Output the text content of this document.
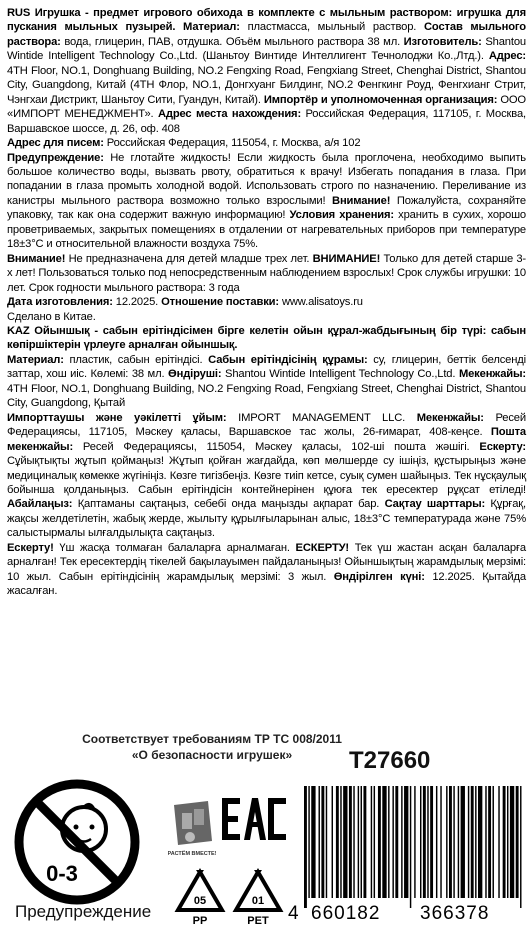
RUS Игрушка - предмет игрового обихода в комплекте с мыльным раствором: игрушка для пускания мыльных пузырей. Материал: пластмасса, мыльный раствор. Состав мыльного раствора: вода, глицерин, ПАВ, отдушка. Объём мыльного раствора 38 мл. Изготовитель: Shantou Wintide Intelligent Technology Co.,Ltd. (Шаньтоу Винтиде Интеллигент Течнолоджи Ко.,Лтд.). Адрес: 4TH Floor, NO.1, Donghuang Building, NO.2 Fengxing Road, Fengxiang Street, Chenghai District, Shantou City, Guangdong, Китай (4TH Флор, NO.1, Донгхуанг Билдинг, NO.2 Фенгкинг Роуд, Фенгхианг Стрит, Чэнгхаи Дистрикт, Шаньтоу Сити, Гуандун, Китай). Импортёр и уполномоченная организация: ООО «ИМПОРТ МЕНЕДЖМЕНТ». Адрес места нахождения: Российская Федерация, 117105, г. Москва, Варшавское шоссе, д. 26, оф. 408

Адрес для писем: Российская Федерация, 115054, г. Москва, а/я 102

Предупреждение: Не глотайте жидкость! Если жидкость была проглочена, необходимо выпить большое количество воды, вызвать рвоту, обратиться к врачу! Избегать попадания в глаза. При попадании в глаза промыть холодной водой. Использовать строго по назначению. Переливание из канистры мыльного раствора возможно только взрослыми! Внимание! Пожалуйста, сохраняйте упаковку, так как она содержит важную информацию! Условия хранения: хранить в сухих, хорошо проветриваемых, закрытых помещениях в отдалении от нагревательных приборов при температуре 18±3°С и относительной влажности воздуха 75%.

Внимание! Не предназначена для детей младше трех лет. ВНИМАНИЕ! Только для детей старше 3-х лет! Пользоваться только под непосредственным наблюдением взрослых! Срок службы игрушки: 10 лет. Срок годности мыльного раствора: 3 года

Дата изготовления: 12.2025. Отношение поставки: www.alisatoys.ru

Сделано в Китае.

KAZ Ойыншық - сабын ерітіндісімен бірге келетін ойын құрал-жабдығының бір түрі: сабын көпіршіктерін үрлеуге арналған ойыншық.

Материал: пластик, сабын ерітіндісі. Сабын ерітіндісінің құрамы: су, глицерин, беттік белсенді заттар, хош иіс. Көлемі: 38 мл. Өндіруші: Shantou Wintide Intelligent Technology Co.,Ltd. Мекенжайы: 4TH Floor, NO.1, Donghuang Building, NO.2 Fengxing Road, Fengxiang Street, Chenghai District, Shantou City, Guangdong, Қытай

Импорттаушы және уәкілетті ұйым: IMPORT MANAGEMENT LLC. Мекенжайы: Ресей Федерациясы, 117105, Мәскеу қаласы, Варшавское тас жолы, 26-ғимарат, 408-кеңсе. Пошта мекенжайы: Ресей Федерациясы, 115054, Мәскеу қаласы, 102-ші пошта жәшігі. Ескерту: Сұйықтықты жұтып қоймаңыз! Жұтып қойған жағдайда, көп мөлшерде су ішіңіз, құстырыңыз және медициналық көмекке жүгініңіз. Көзге тигізбеңіз. Көзге тиіп кетсе, суық сумен шайыңыз. Тек нұсқаулық бойынша қолданыңыз. Сабын ерітіндісін контейнерінен құюға тек ересектер рұқсат етіледі! Абайлаңыз: Қаптаманы сақтаңыз, себебі онда маңызды ақпарат бар. Сақтау шарттары: Құрғақ, жақсы желдетілетін, жабық жерде, жылыту құрылғыларынан алыс, 18±3°C температурада және 75% салыстырмалы ылғалдылықта сақтаңыз.

Ескерту! Үш жасқа толмаған балаларға арналмаған. ЕСКЕРТУ! Тек үш жастан асқан балаларға арналған! Тек ересектердің тікелей бақылауымен пайдаланыңыз! Ойыншықтың жарамдылық мерзімі: 10 жыл. Сабын ерітіндісінің жарамдылық мерзімі: 3 жыл. Өндірілген күні: 12.2025. Қытайда жасалған.

Соответствует требованиям ТР ТС 008/2011
«О безопасности игрушек»	T27660
0-3
Предупреждение
РАСТЁМ ВМЕСТЕ!
05
PP
01
PET 4 660182 366378
